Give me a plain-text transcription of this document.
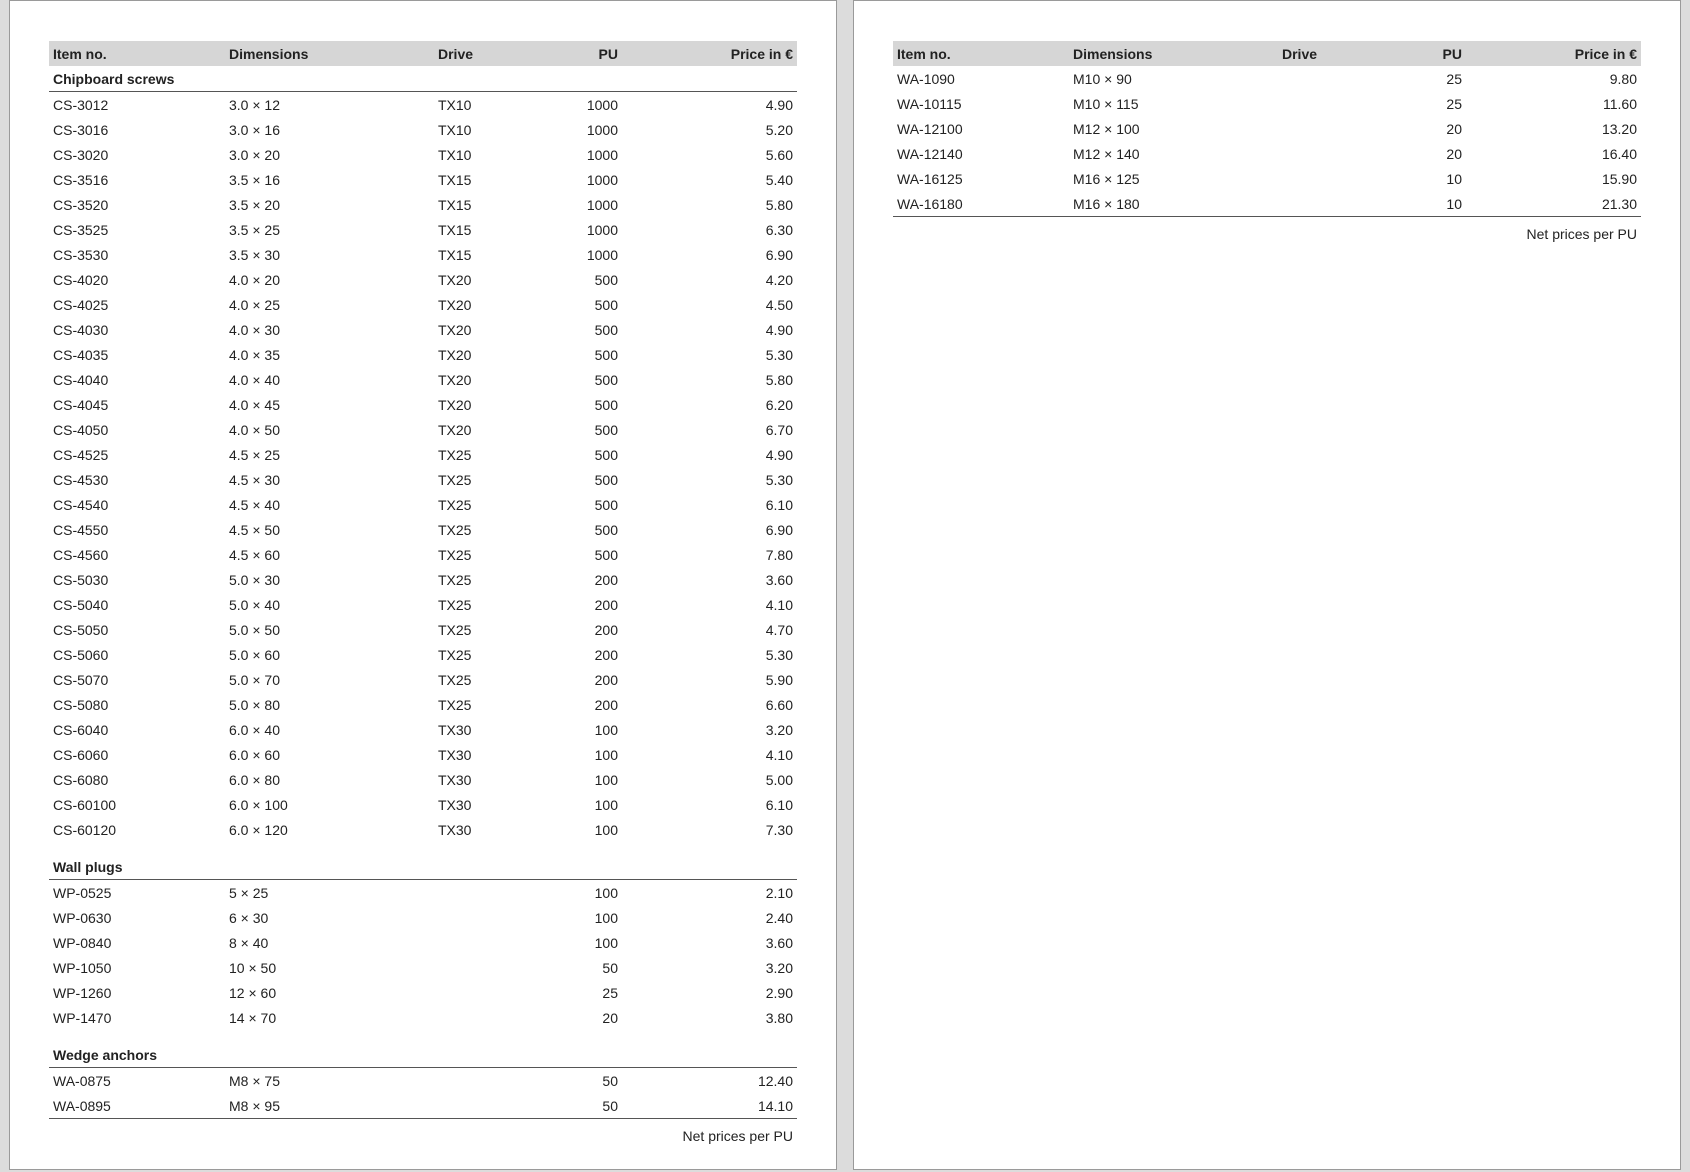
Item no.	Dimensions	Drive	PU	Price in €
Chipboard screws				
CS-3012	3.0 × 12	TX10	1000	4.90
CS-3016	3.0 × 16	TX10	1000	5.20
CS-3020	3.0 × 20	TX10	1000	5.60
CS-3516	3.5 × 16	TX15	1000	5.40
CS-3520	3.5 × 20	TX15	1000	5.80
CS-3525	3.5 × 25	TX15	1000	6.30
CS-3530	3.5 × 30	TX15	1000	6.90
CS-4020	4.0 × 20	TX20	500	4.20
CS-4025	4.0 × 25	TX20	500	4.50
CS-4030	4.0 × 30	TX20	500	4.90
CS-4035	4.0 × 35	TX20	500	5.30
CS-4040	4.0 × 40	TX20	500	5.80
CS-4045	4.0 × 45	TX20	500	6.20
CS-4050	4.0 × 50	TX20	500	6.70
CS-4525	4.5 × 25	TX25	500	4.90
CS-4530	4.5 × 30	TX25	500	5.30
CS-4540	4.5 × 40	TX25	500	6.10
CS-4550	4.5 × 50	TX25	500	6.90
CS-4560	4.5 × 60	TX25	500	7.80
CS-5030	5.0 × 30	TX25	200	3.60
CS-5040	5.0 × 40	TX25	200	4.10
CS-5050	5.0 × 50	TX25	200	4.70
CS-5060	5.0 × 60	TX25	200	5.30
CS-5070	5.0 × 70	TX25	200	5.90
CS-5080	5.0 × 80	TX25	200	6.60
CS-6040	6.0 × 40	TX30	100	3.20
CS-6060	6.0 × 60	TX30	100	4.10
CS-6080	6.0 × 80	TX30	100	5.00
CS-60100	6.0 × 100	TX30	100	6.10
CS-60120	6.0 × 120	TX30	100	7.30

Wall plugs				
WP-0525	5 × 25		100	2.10
WP-0630	6 × 30		100	2.40
WP-0840	8 × 40		100	3.60
WP-1050	10 × 50		50	3.20
WP-1260	12 × 60		25	2.90
WP-1470	14 × 70		20	3.80

Wedge anchors				
WA-0875	M8 × 75		50	12.40
WA-0895	M8 × 95		50	14.10
Net prices per PU				
Item no.	Dimensions	Drive	PU	Price in €
WA-1090	M10 × 90		25	9.80
WA-10115	M10 × 115		25	11.60
WA-12100	M12 × 100		20	13.20
WA-12140	M12 × 140		20	16.40
WA-16125	M16 × 125		10	15.90
WA-16180	M16 × 180		10	21.30
Net prices per PU				
